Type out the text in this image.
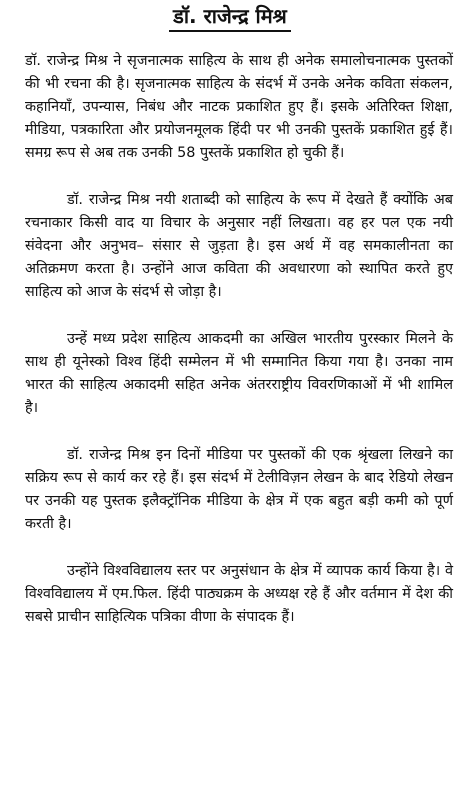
डॉ. राजेन्द्र मिश्र

डॉ. राजेन्द्र मिश्र ने सृजनात्मक साहित्य के साथ ही अनेक समालोचनात्मक पुस्तकों की भी रचना की है। सृजनात्मक साहित्य के संदर्भ में उनके अनेक कविता संकलन, कहानियाँ, उपन्यास, निबंध और नाटक प्रकाशित हुए हैं। इसके अतिरिक्त शिक्षा, मीडिया, पत्रकारिता और प्रयोजनमूलक हिंदी पर भी उनकी पुस्तकें प्रकाशित हुई हैं। समग्र रूप से अब तक उनकी 58 पुस्तकें प्रकाशित हो चुकी हैं।

डॉ. राजेन्द्र मिश्र नयी शताब्दी को साहित्य के रूप में देखते हैं क्योंकि अब रचनाकार किसी वाद या विचार के अनुसार नहीं लिखता। वह हर पल एक नयी संवेदना और अनुभव– संसार से जुड़ता है। इस अर्थ में वह समकालीनता का अतिक्रमण करता है। उन्होंने आज कविता की अवधारणा को स्थापित करते हुए साहित्य को आज के संदर्भ से जोड़ा है।

उन्हें मध्य प्रदेश साहित्य आकदमी का अखिल भारतीय पुरस्कार मिलने के साथ ही यूनेस्को विश्व हिंदी सम्मेलन में भी सम्मानित किया गया है। उनका नाम भारत की साहित्य अकादमी सहित अनेक अंतरराष्ट्रीय विवरणिकाओं में भी शामिल है।

डॉ. राजेन्द्र मिश्र इन दिनों मीडिया पर पुस्तकों की एक श्रृंखला लिखने का सक्रिय रूप से कार्य कर रहे हैं। इस संदर्भ में टेलीविज़न लेखन के बाद रेडियो लेखन पर उनकी यह पुस्तक इलैक्ट्रॉनिक मीडिया के क्षेत्र में एक बहुत बड़ी कमी को पूर्ण करती है।

उन्होंने विश्वविद्यालय स्तर पर अनुसंधान के क्षेत्र में व्यापक कार्य किया है। वे विश्वविद्यालय में एम.फिल. हिंदी पाठ्यक्रम के अध्यक्ष रहे हैं और वर्तमान में देश की सबसे प्राचीन साहित्यिक पत्रिका वीणा के संपादक हैं।
